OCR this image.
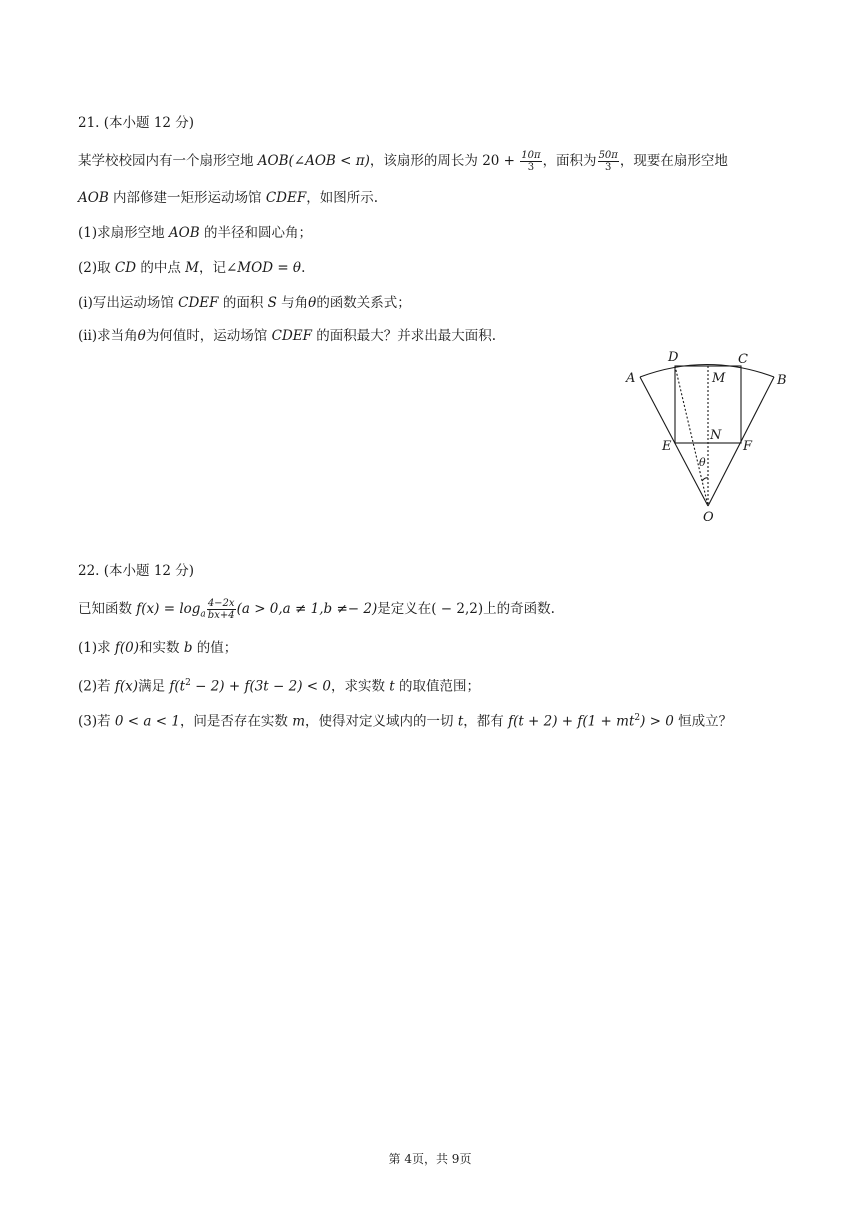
21. (本小题 12 分)
某学校校园内有一个扇形空地 AOB(∠AOB < π)，该扇形的周长为 $20 + \frac{10\pi}{3}$ ，面积为 $\frac{50\pi}{3}$ ，现要在扇形空地
AOB 内部修建一矩形运动场馆 CDEF，如图所示.
(1)求扇形空地 AOB 的半径和圆心角；
(2)取 CD 的中点 M，记∠MOD = θ.
(ⅰ)写出运动场馆 CDEF 的面积 S 与角θ的函数关系式；
(ⅱ)求当角θ为何值时，运动场馆 CDEF 的面积最大？并求出最大面积.
D	C
A	B
M
N
E	F
θ
O
22. (本小题 12 分)
已知函数 $f(x) = \log_a \frac{4-2x}{bx+4} (a > 0,a \ne 1,b \ne- 2)$是定义在( − 2,2)上的奇函数.
(1)求 f(0)和实数 b 的值；
(2)若 f(x)满足 $f(t^2 - 2) + f(3t - 2) < 0$，求实数 t 的取值范围；
(3)若 0 < a < 1，问是否存在实数 m，使得对定义域内的一切 t，都有 $f(t + 2) + f(1 + mt^2) > 0$ 恒成立？
第 4页，共 9页
